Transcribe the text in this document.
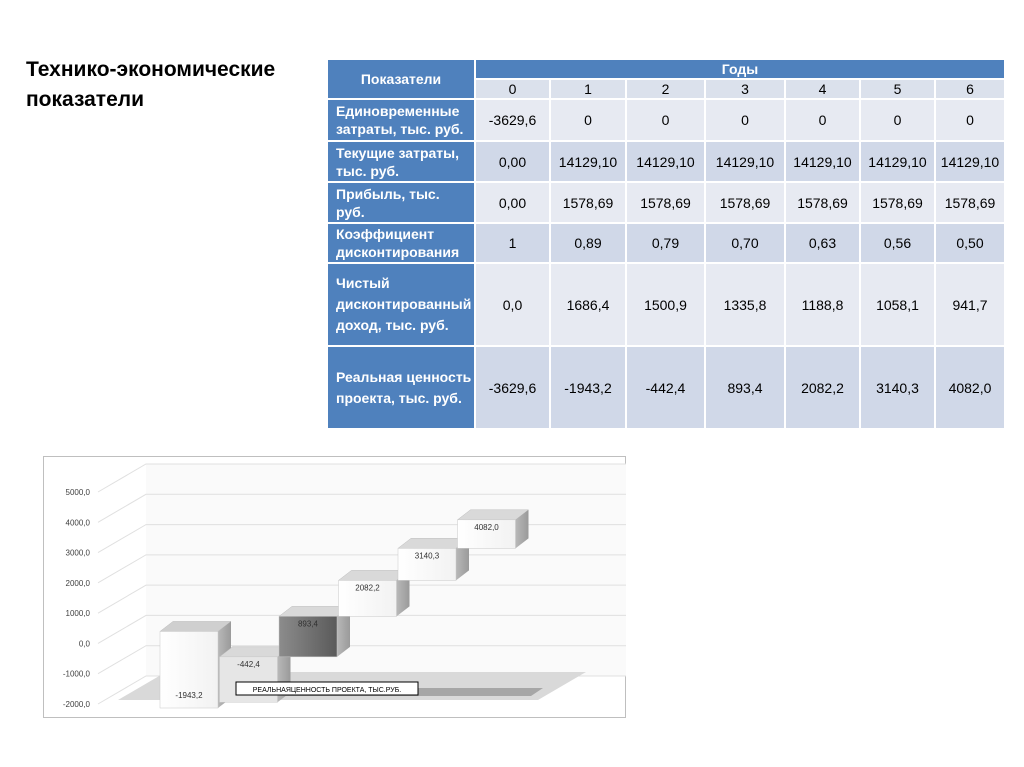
Технико-экономические показатели
Показатели	Годы						
	0	1	2	3	4	5	6
Единовременные затраты, тыс. руб.	-3629,6	0	0	0	0	0	0
Текущие затраты, тыс. руб.	0,00	14129,10	14129,10	14129,10	14129,10	14129,10	14129,10
Прибыль, тыс. руб.	0,00	1578,69	1578,69	1578,69	1578,69	1578,69	1578,69
Коэффициент дисконтирования	1	0,89	0,79	0,70	0,63	0,56	0,50
Чистый дисконтированный доход, тыс. руб.	0,0	1686,4	1500,9	1335,8	1188,8	1058,1	941,7
Реальная ценность проекта, тыс. руб.	-3629,6	-1943,2	-442,4	893,4	2082,2	3140,3	4082,0
5000,0
4000,0
3000,0
2000,0
1000,0
0,0
-1000,0
-2000,0
-1943,2
-442,4
893,4
2082,2
3140,3
4082,0
РЕАЛЬНАЯЦЕННОСТЬ ПРОЕКТА, ТЫС.РУБ.
